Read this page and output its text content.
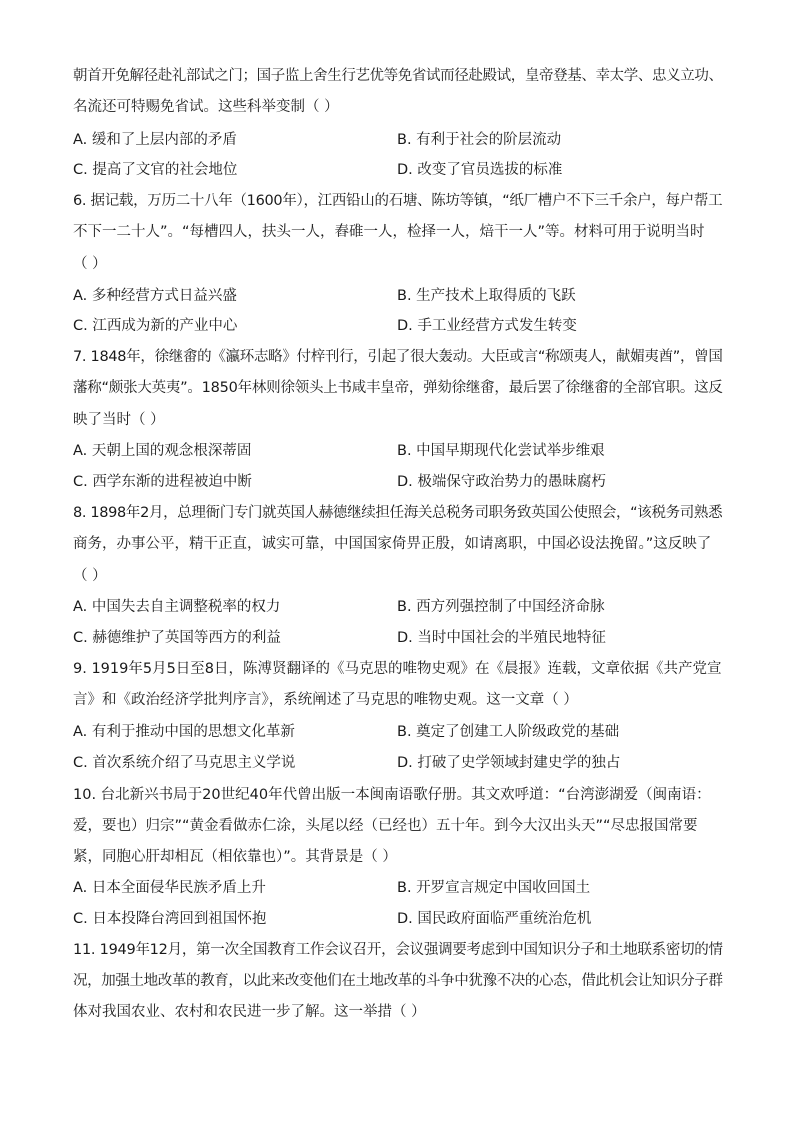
朝首开免解径赴礼部试之门；国子监上舍生行艺优等免省试而径赴殿试，皇帝登基、幸太学、忠义立功、
名流还可特赐免省试。这些科举变制（ ）
A. 缓和了上层内部的矛盾	B. 有利于社会的阶层流动
C. 提高了文官的社会地位	D. 改变了官员选拔的标准
6. 据记载，万历二十八年（1600年），江西铅山的石塘、陈坊等镇，“纸厂槽户不下三千余户，每户帮工
不下一二十人”。“每槽四人，扶头一人，舂碓一人，检择一人，焙干一人”等。材料可用于说明当时
（ ）
A. 多种经营方式日益兴盛	B. 生产技术上取得质的飞跃
C. 江西成为新的产业中心	D. 手工业经营方式发生转变
7. 1848年，徐继畬的《瀛环志略》付梓刊行，引起了很大轰动。大臣或言“称颂夷人，献媚夷酋”，曾国
藩称“颇张大英夷”。1850年林则徐领头上书咸丰皇帝，弹劾徐继畬，最后罢了徐继畬的全部官职。这反
映了当时（ ）
A. 天朝上国的观念根深蒂固	B. 中国早期现代化尝试举步维艰
C. 西学东渐的进程被迫中断	D. 极端保守政治势力的愚昧腐朽
8. 1898年2月，总理衙门专门就英国人赫德继续担任海关总税务司职务致英国公使照会，“该税务司熟悉
商务，办事公平，精干正直，诚实可靠，中国国家倚畀正殷，如请离职，中国必设法挽留。”这反映了
（ ）
A. 中国失去自主调整税率的权力	B. 西方列强控制了中国经济命脉
C. 赫德维护了英国等西方的利益	D. 当时中国社会的半殖民地特征
9. 1919年5月5日至8日，陈溥贤翻译的《马克思的唯物史观》在《晨报》连载，文章依据《共产党宣
言》和《政治经济学批判序言》，系统阐述了马克思的唯物史观。这一文章（ ）
A. 有利于推动中国的思想文化革新	B. 奠定了创建工人阶级政党的基础
C. 首次系统介绍了马克思主义学说	D. 打破了史学领域封建史学的独占
10. 台北新兴书局于20世纪40年代曾出版一本闽南语歌仔册。其文欢呼道：“台湾澎湖爱（闽南语：
爱，要也）归宗”“黄金看做赤仁涂，头尾以经（已经也）五十年。到今大汉出头天”“尽忠报国常要
紧，同胞心肝却相瓦（相依靠也）”。其背景是（ ）
A. 日本全面侵华民族矛盾上升	B. 开罗宣言规定中国收回国土
C. 日本投降台湾回到祖国怀抱	D. 国民政府面临严重统治危机
11. 1949年12月，第一次全国教育工作会议召开，会议强调要考虑到中国知识分子和土地联系密切的情
况，加强土地改革的教育，以此来改变他们在土地改革的斗争中犹豫不决的心态，借此机会让知识分子群
体对我国农业、农村和农民进一步了解。这一举措（ ）
